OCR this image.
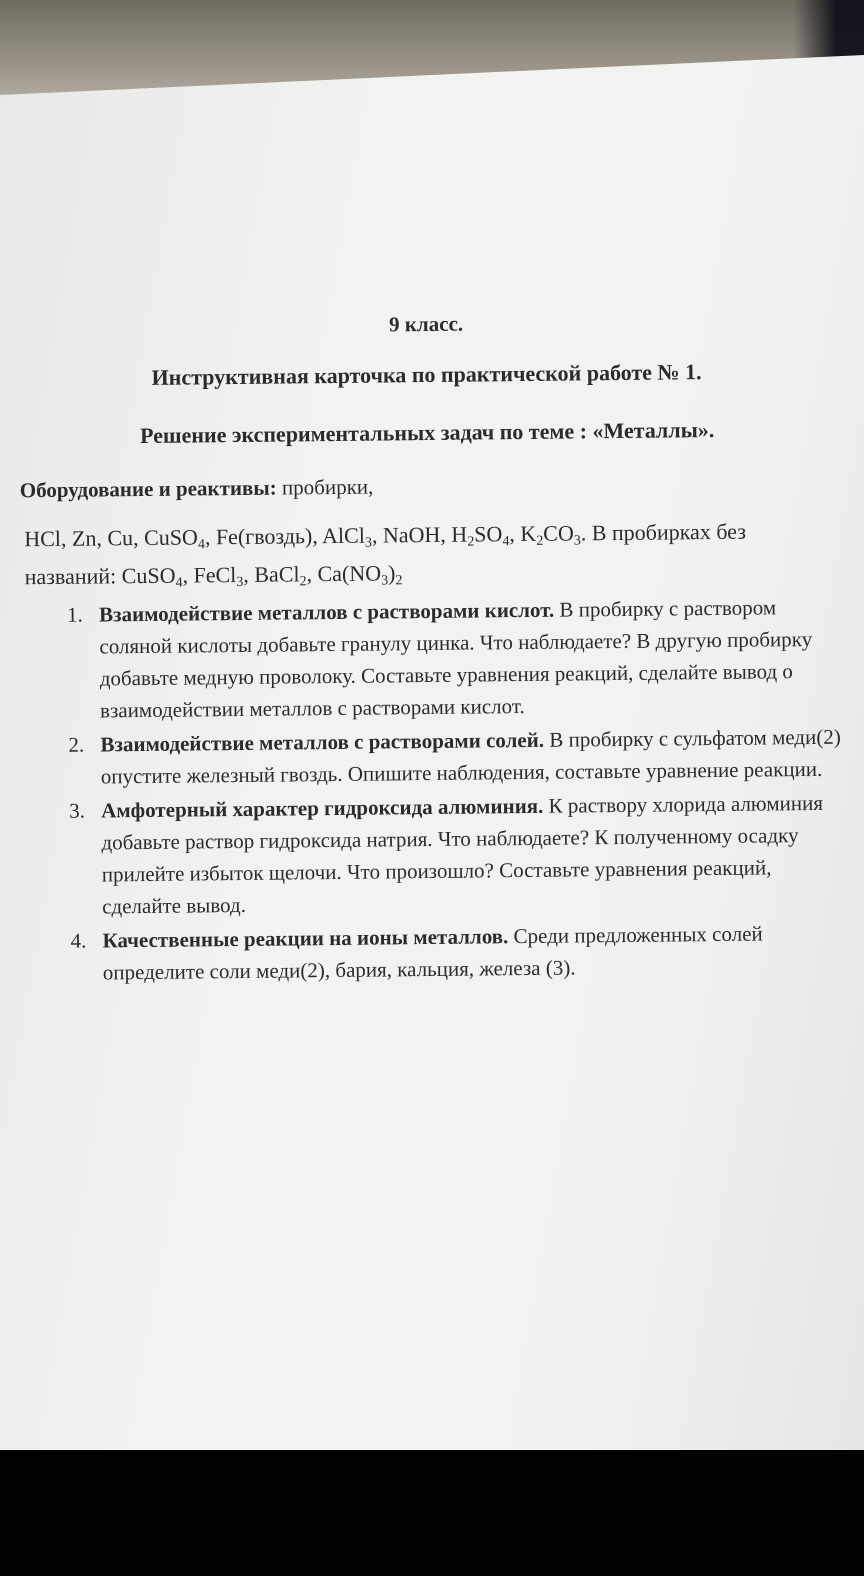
9 класс.
Инструктивная карточка по практической работе № 1.
Решение экспериментальных задач по теме : «Металлы».
Оборудование и реактивы: пробирки,
HCl, Zn, Cu, CuSO$_4$, Fe(гвоздь), AlCl$_3$, NaOH, $H_2SO_4$, $K_2CO_3$. В пробирках без
названий: CuSO$_4$, FeCl$_3$, BaCl$_2$, $Ca(NO_3)_2$
1. Взаимодействие металлов с растворами кислот. В пробирку с раствором соляной кислоты добавьте гранулу цинка. Что наблюдаете? В другую пробирку добавьте медную проволоку. Составьте уравнения реакций, сделайте вывод о взаимодействии металлов с растворами кислот.
2. Взаимодействие металлов с растворами солей. В пробирку с сульфатом меди(2) опустите железный гвоздь. Опишите наблюдения, составьте уравнение реакции.
3. Амфотерный характер гидроксида алюминия. К раствору хлорида алюминия добавьте раствор гидроксида натрия. Что наблюдаете? К полученному осадку прилейте избыток щелочи. Что произошло? Составьте уравнения реакций, сделайте вывод.
4. Качественные реакции на ионы металлов. Среди предложенных солей определите соли меди(2), бария, кальция, железа (3).
